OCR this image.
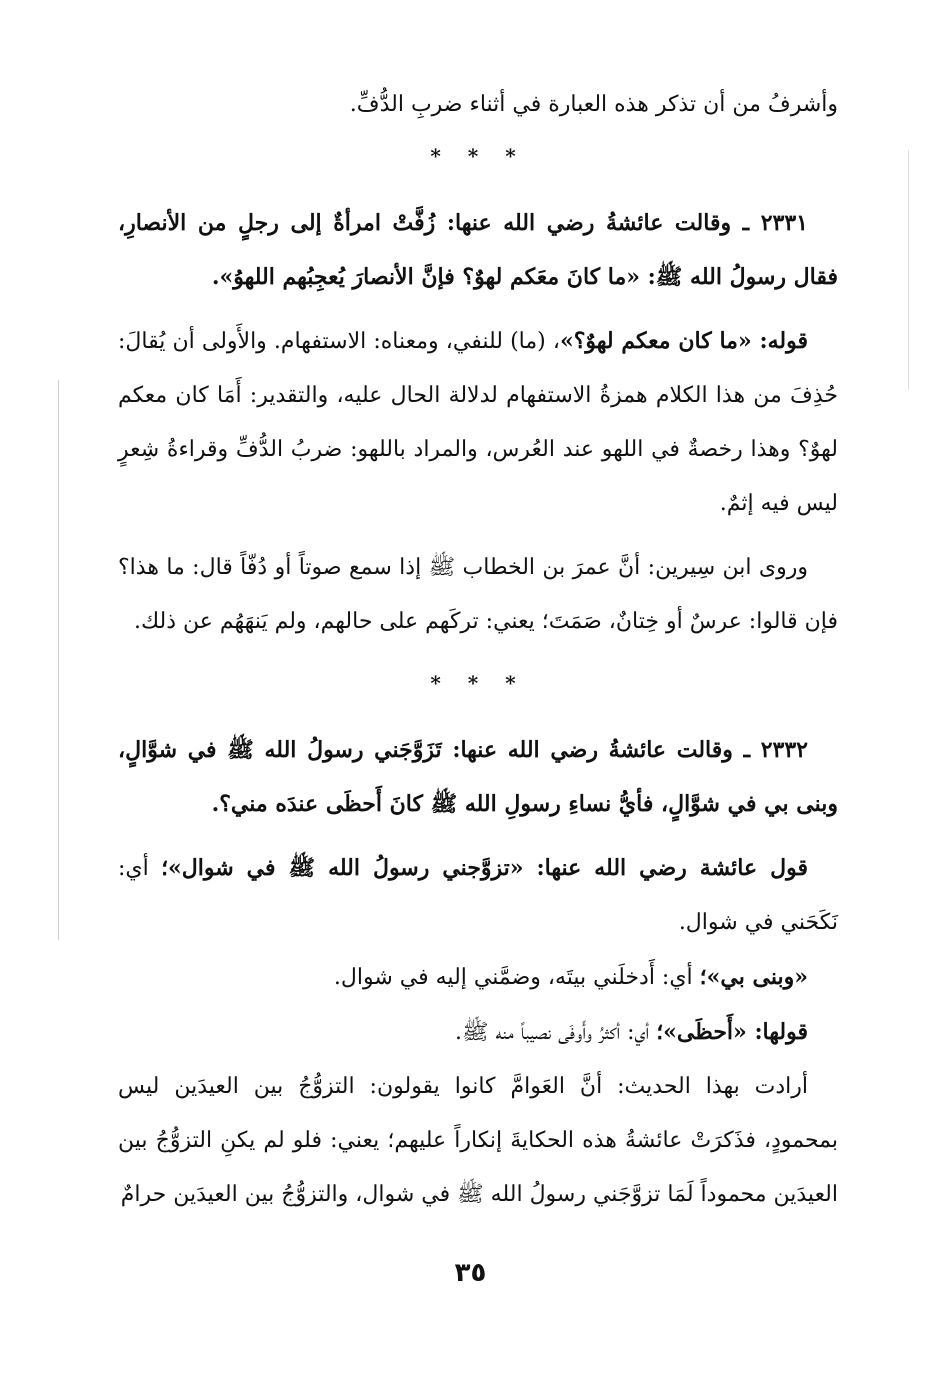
وأشرفُ من أن تذكر هذه العبارة في أثناء ضربِ الدُّفِّ.

* * *

٢٣٣١ ـ وقالت عائشةُ رضي الله عنها: زُفَّتْ امرأةٌ إلى رجلٍ من الأنصارِ، فقال رسولُ الله ﷺ: «ما كانَ معَكم لهوٌ؟ فإنَّ الأنصارَ يُعجِبُهم اللهوُ».

قوله: «ما كان معكم لهوٌ؟»، (ما) للنفي، ومعناه: الاستفهام. والأَولى أن يُقالَ: حُذِفَ من هذا الكلام همزةُ الاستفهام لدلالة الحال عليه، والتقدير: أَمَا كان معكم لهوٌ؟ وهذا رخصةٌ في اللهو عند العُرس، والمراد باللهو: ضربُ الدُّفِّ وقراءةُ شِعرٍ ليس فيه إثمٌ.

وروى ابن سِيرين: أنَّ عمرَ بن الخطاب ﷺ إذا سمع صوتاً أو دُفّاً قال: ما هذا؟ فإن قالوا: عرسٌ أو خِتانٌ، صَمَتَ؛ يعني: تركَهم على حالهم، ولم يَنهَهُم عن ذلك.

* * *

٢٣٣٢ ـ وقالت عائشةُ رضي الله عنها: تَزَوَّجَني رسولُ الله ﷺ في شوَّالٍ، وبنى بي في شوَّالٍ، فأيُّ نساءِ رسولِ الله ﷺ كانَ أَحظَى عندَه مني؟.

قول عائشة رضي الله عنها: «تزوَّجني رسولُ الله ﷺ في شوال»؛ أي: نَكَحَني في شوال.

«وبنى بي»؛ أي: أَدخلَني بيتَه، وضمَّني إليه في شوال.

قولها: «أَحظَى»؛ أي: أكثرُ وأَوفَى نصيباً منه ﷺ.

أرادت بهذا الحديث: أنَّ العَوامَّ كانوا يقولون: التزوُّجُ بين العيدَين ليس بمحمودٍ، فذَكرَتْ عائشةُ هذه الحكايةَ إنكاراً عليهم؛ يعني: فلو لم يكنِ التزوُّجُ بين العيدَين محموداً لَمَا تزوَّجَني رسولُ الله ﷺ في شوال، والتزوُّجُ بين العيدَين حرامٌ

٣٥
